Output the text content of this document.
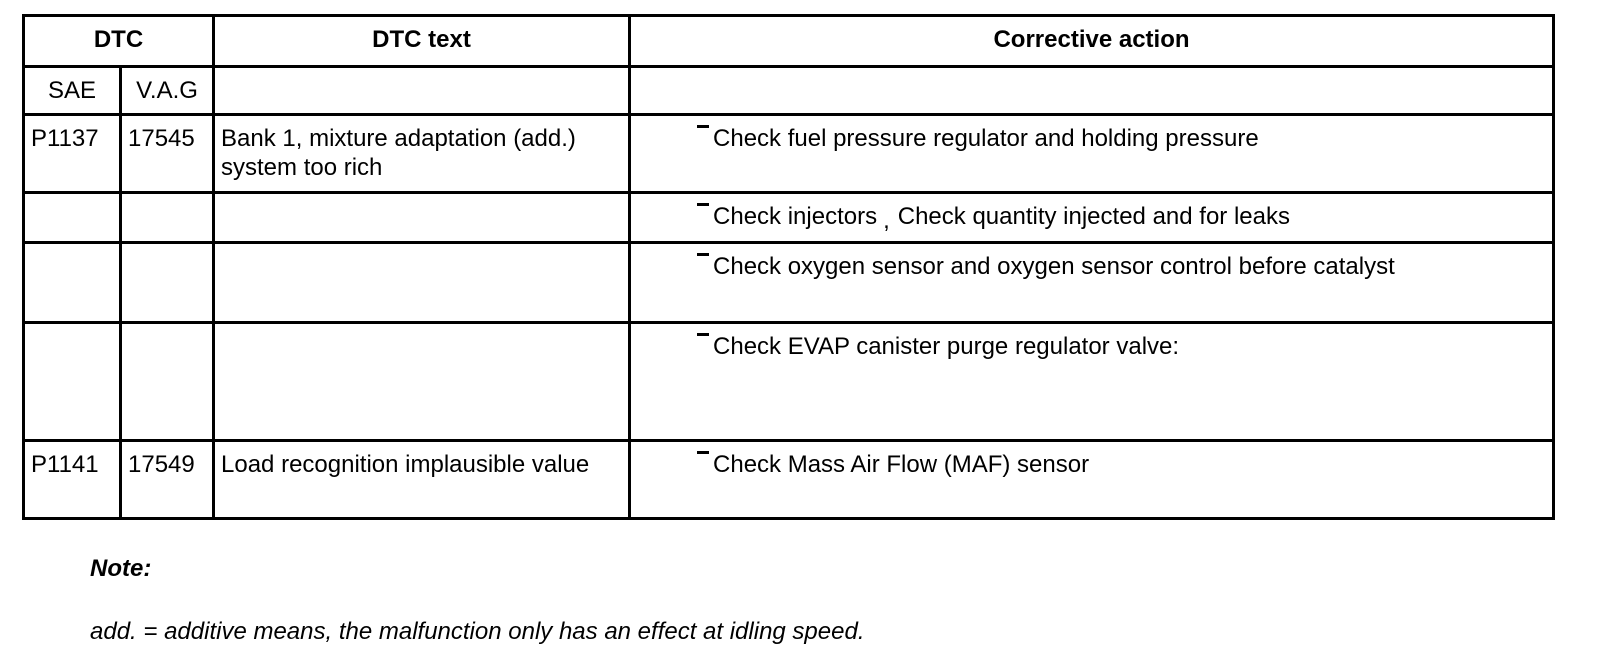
DTC		DTC text	Corrective action
SAE	V.A.G		
P1137	17545	Bank 1, mixture adaptation (add.) system too rich	Check fuel pressure regulator and holding pressure
			Check injectors , Check quantity injected and for leaks
			Check oxygen sensor and oxygen sensor control before catalyst
			Check EVAP canister purge regulator valve:
P1141	17549	Load recognition implausible value	Check Mass Air Flow (MAF) sensor
Note:
add. = additive means, the malfunction only has an effect at idling speed.
